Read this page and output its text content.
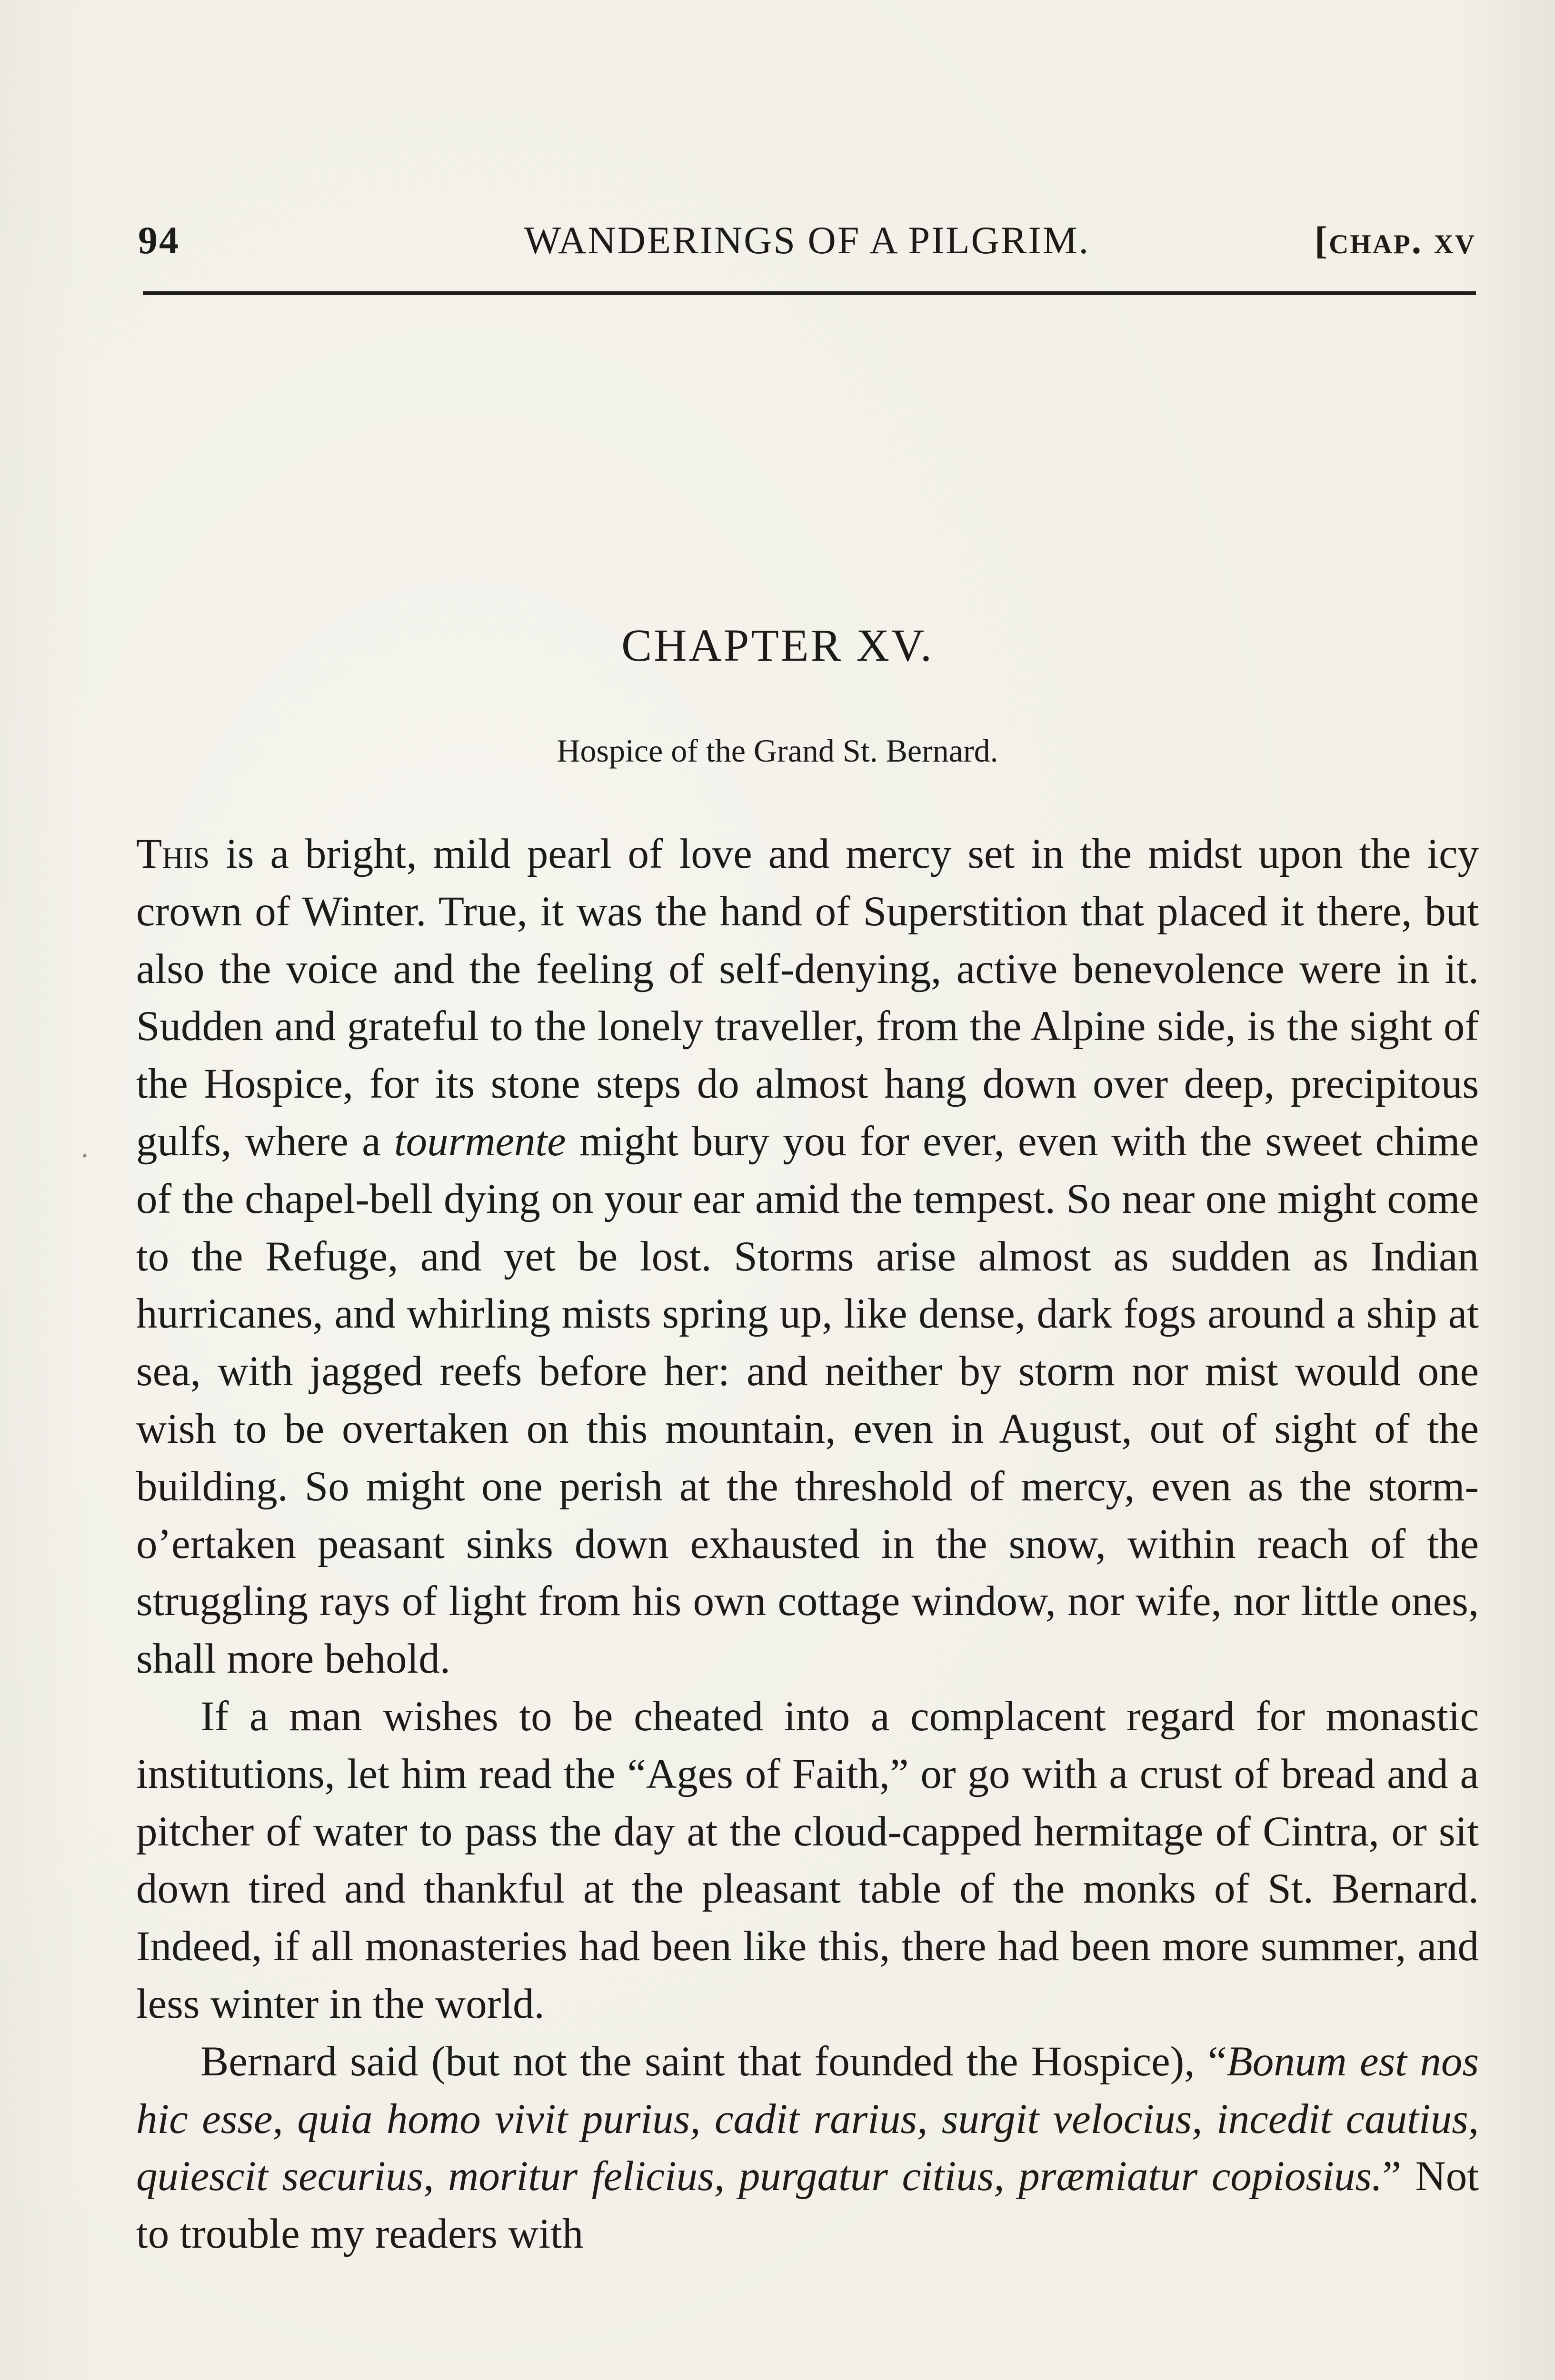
94	WANDERINGS OF A PILGRIM.	[chap. xv
CHAPTER XV.
Hospice of the Grand St. Bernard.
·

This is a bright, mild pearl of love and mercy set in the midst upon the icy crown of Winter. True, it was the hand of Superstition that placed it there, but also the voice and the feeling of self-denying, active benevolence were in it. Sudden and grateful to the lonely traveller, from the Alpine side, is the sight of the Hospice, for its stone steps do almost hang down over deep, precipitous gulfs, where a tourmente might bury you for ever, even with the sweet chime of the chapel-bell dying on your ear amid the tempest. So near one might come to the Refuge, and yet be lost. Storms arise almost as sudden as Indian hurricanes, and whirling mists spring up, like dense, dark fogs around a ship at sea, with jagged reefs before her: and neither by storm nor mist would one wish to be overtaken on this mountain, even in August, out of sight of the building. So might one perish at the threshold of mercy, even as the storm-o’ertaken peasant sinks down exhausted in the snow, within reach of the struggling rays of light from his own cottage window, nor wife, nor little ones, shall more behold.

If a man wishes to be cheated into a complacent regard for monastic institutions, let him read the “Ages of Faith,” or go with a crust of bread and a pitcher of water to pass the day at the cloud-capped hermitage of Cintra, or sit down tired and thankful at the pleasant table of the monks of St. Bernard. Indeed, if all monasteries had been like this, there had been more summer, and less winter in the world.

Bernard said (but not the saint that founded the Hospice), “Bonum est nos hic esse, quia homo vivit purius, cadit rarius, surgit velocius, incedit cautius, quiescit securius, moritur felicius, purgatur citius, præmiatur copiosius.” Not to trouble my readers with
